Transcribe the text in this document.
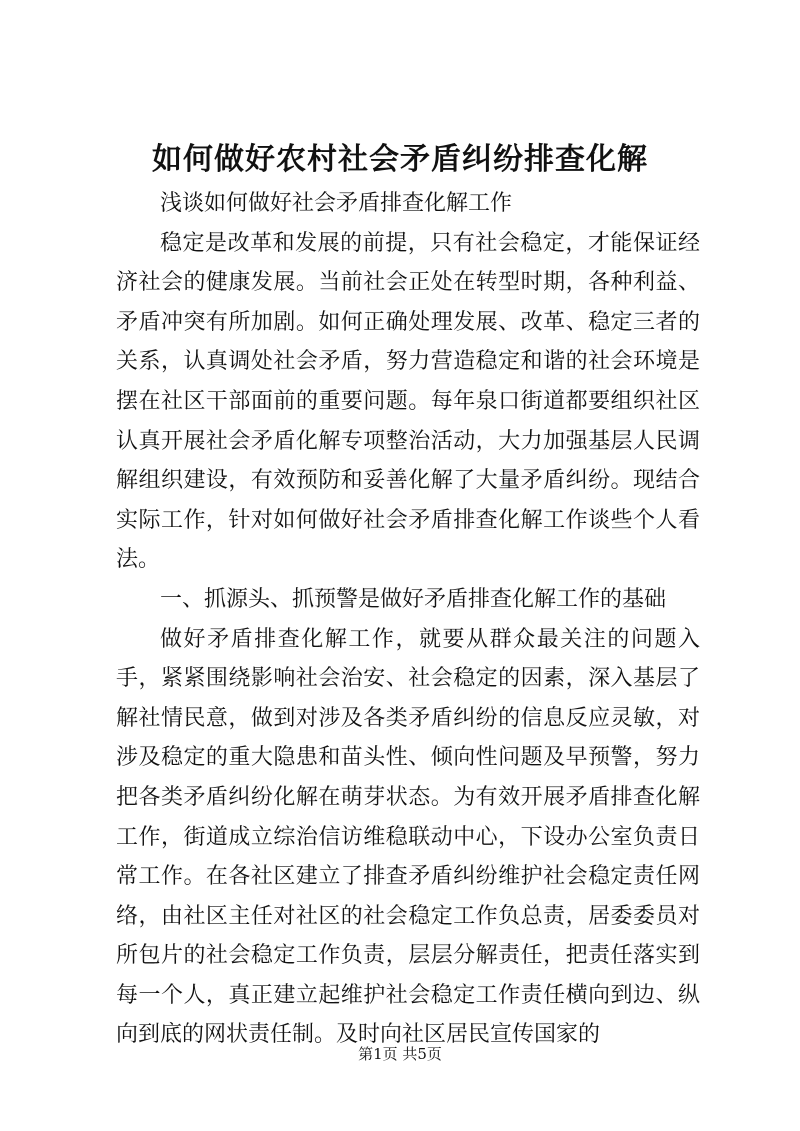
如何做好农村社会矛盾纠纷排查化解

浅谈如何做好社会矛盾排查化解工作

稳定是改革和发展的前提，只有社会稳定，才能保证经济社会的健康发展。当前社会正处在转型时期，各种利益、矛盾冲突有所加剧。如何正确处理发展、改革、稳定三者的关系，认真调处社会矛盾，努力营造稳定和谐的社会环境是摆在社区干部面前的重要问题。每年泉口街道都要组织社区认真开展社会矛盾化解专项整治活动，大力加强基层人民调解组织建设，有效预防和妥善化解了大量矛盾纠纷。现结合实际工作，针对如何做好社会矛盾排查化解工作谈些个人看法。

一、抓源头、抓预警是做好矛盾排查化解工作的基础

做好矛盾排查化解工作，就要从群众最关注的问题入手，紧紧围绕影响社会治安、社会稳定的因素，深入基层了解社情民意，做到对涉及各类矛盾纠纷的信息反应灵敏，对涉及稳定的重大隐患和苗头性、倾向性问题及早预警，努力把各类矛盾纠纷化解在萌芽状态。为有效开展矛盾排查化解工作，街道成立综治信访维稳联动中心，下设办公室负责日常工作。在各社区建立了排查矛盾纠纷维护社会稳定责任网络，由社区主任对社区的社会稳定工作负总责，居委委员对所包片的社会稳定工作负责，层层分解责任，把责任落实到每一个人，真正建立起维护社会稳定工作责任横向到边、纵向到底的网状责任制。及时向社区居民宣传国家的

第1页 共5页
